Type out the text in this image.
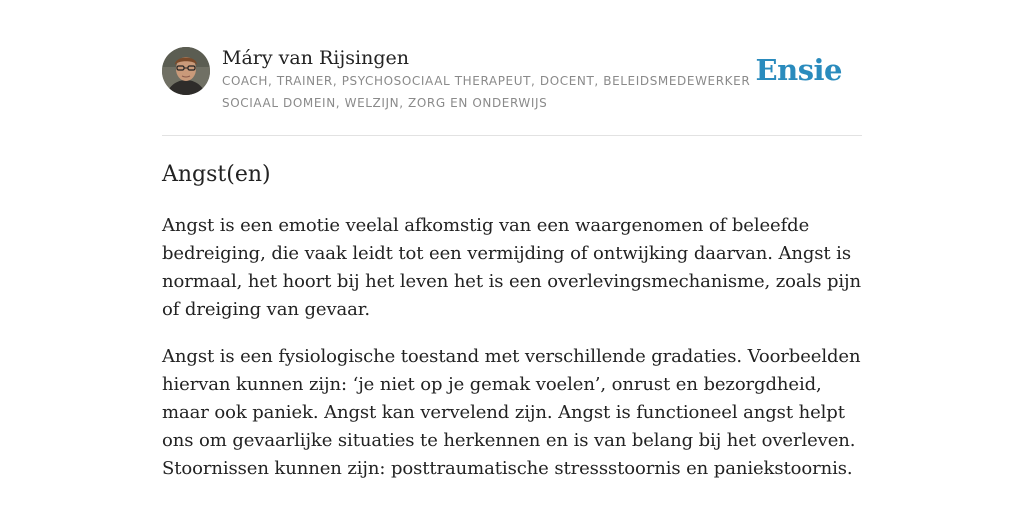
Máry van Rijsingen

COACH, TRAINER, PSYCHOSOCIAAL THERAPEUT, DOCENT, BELEIDSMEDEWERKER SOCIAAL DOMEIN, WELZIJN, ZORG EN ONDERWIJS
Ensie
Angst(en)

Angst is een emotie veelal afkomstig van een waargenomen of beleefde bedreiging, die vaak leidt tot een vermijding of ontwijking daarvan. Angst is normaal, het hoort bij het leven het is een overlevingsmechanisme, zoals pijn of dreiging van gevaar.

Angst is een fysiologische toestand met verschillende gradaties. Voorbeelden hiervan kunnen zijn: ‘je niet op je gemak voelen’, onrust en bezorgdheid, maar ook paniek. Angst kan vervelend zijn. Angst is functioneel angst helpt ons om gevaarlijke situaties te herkennen en is van belang bij het overleven. Stoornissen kunnen zijn: posttraumatische stressstoornis en paniekstoornis.
